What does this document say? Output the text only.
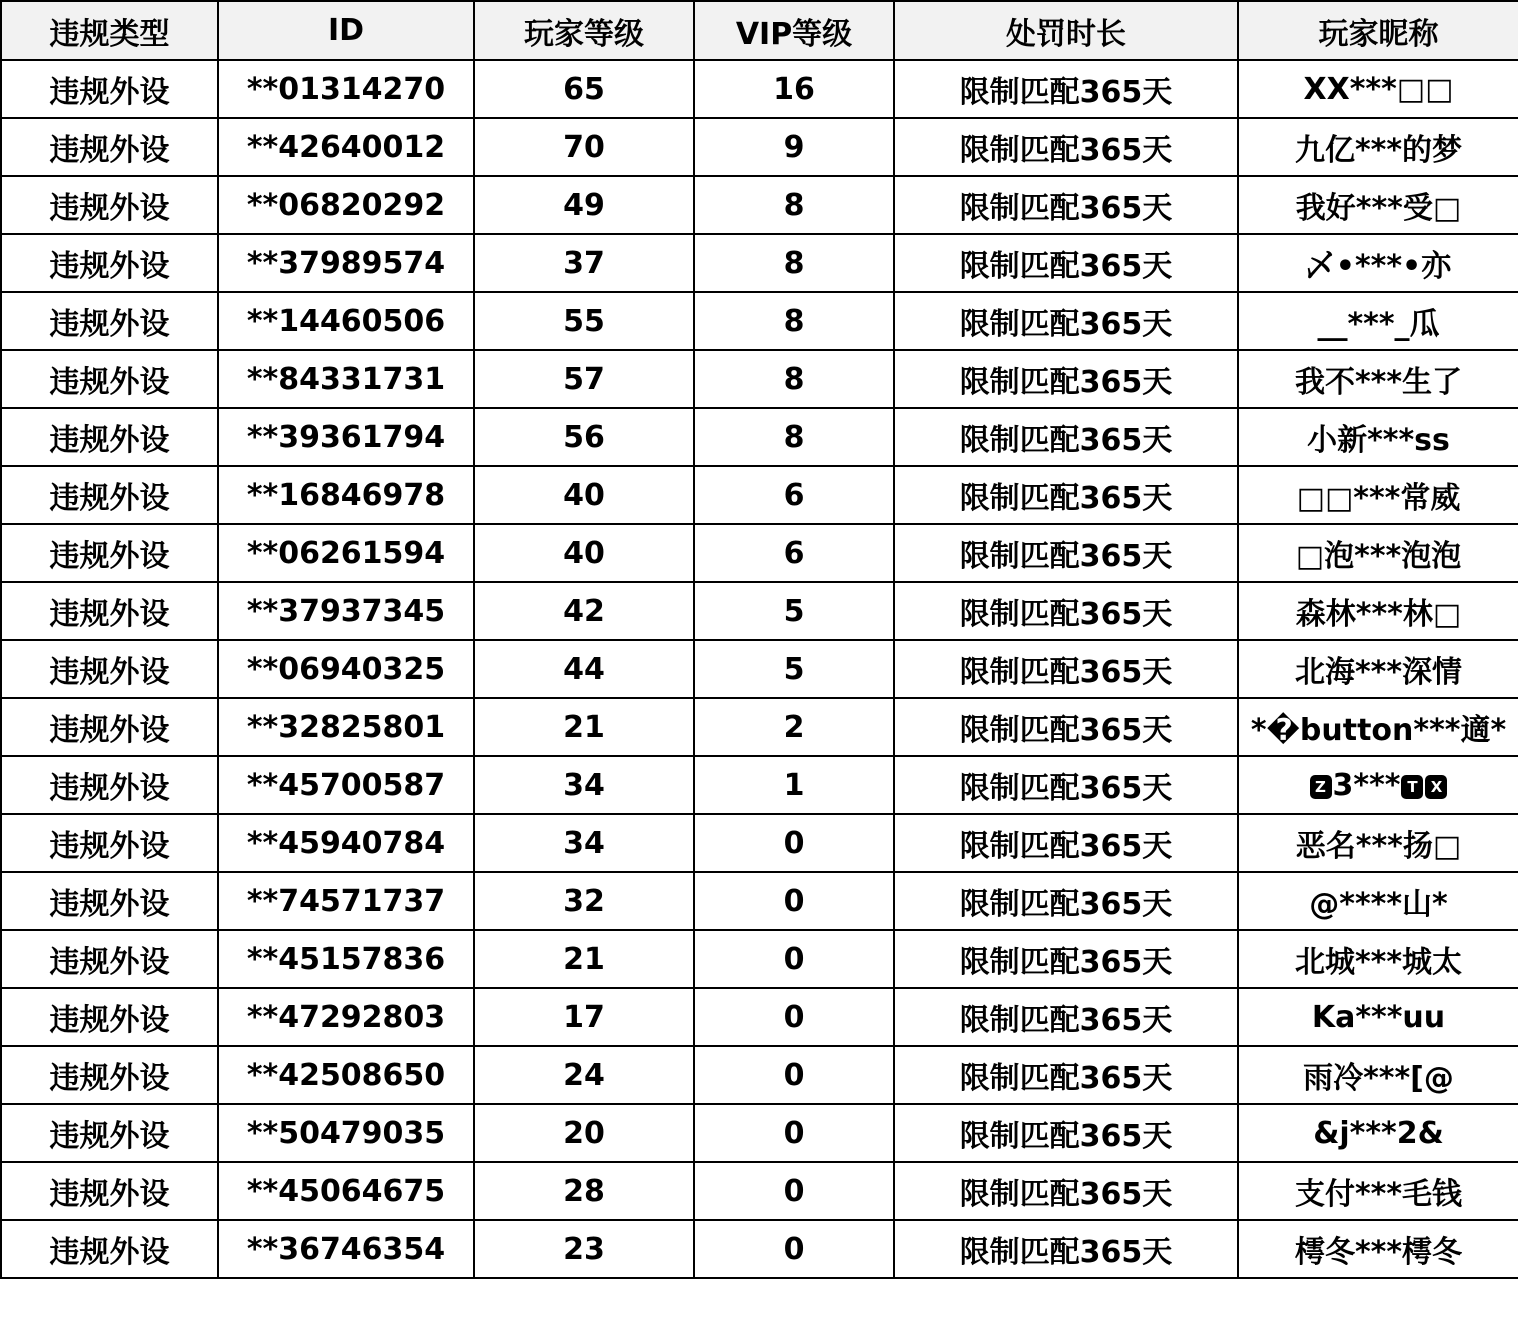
违规类型	ID	玩家等级	VIP等级	处罚时长	玩家昵称
违规外设	**01314270	65	16	限制匹配365天	XX***□□
违规外设	**42640012	70	9	限制匹配365天	九亿***的梦
违规外设	**06820292	49	8	限制匹配365天	我好***受□
违规外设	**37989574	37	8	限制匹配365天	乄•***•亦
违规外设	**14460506	55	8	限制匹配365天	__***_瓜
违规外设	**84331731	57	8	限制匹配365天	我不***生了
违规外设	**39361794	56	8	限制匹配365天	小新***ss
违规外设	**16846978	40	6	限制匹配365天	□□***常威
违规外设	**06261594	40	6	限制匹配365天	□泡***泡泡
违规外设	**37937345	42	5	限制匹配365天	森林***林□
违规外设	**06940325	44	5	限制匹配365天	北海***深情
违规外设	**32825801	21	2	限制匹配365天	*�button***適*
违规外设	**45700587	34	1	限制匹配365天	Z 3*** T X
违规外设	**45940784	34	0	限制匹配365天	恶名***扬□
违规外设	**74571737	32	0	限制匹配365天	@****山*
违规外设	**45157836	21	0	限制匹配365天	北城***城太
违规外设	**47292803	17	0	限制匹配365天	Ka***uu
违规外设	**42508650	24	0	限制匹配365天	雨冷***[@
违规外设	**50479035	20	0	限制匹配365天	&j***2&
违规外设	**45064675	28	0	限制匹配365天	支付***毛钱
违规外设	**36746354	23	0	限制匹配365天	樗冬***樗冬
